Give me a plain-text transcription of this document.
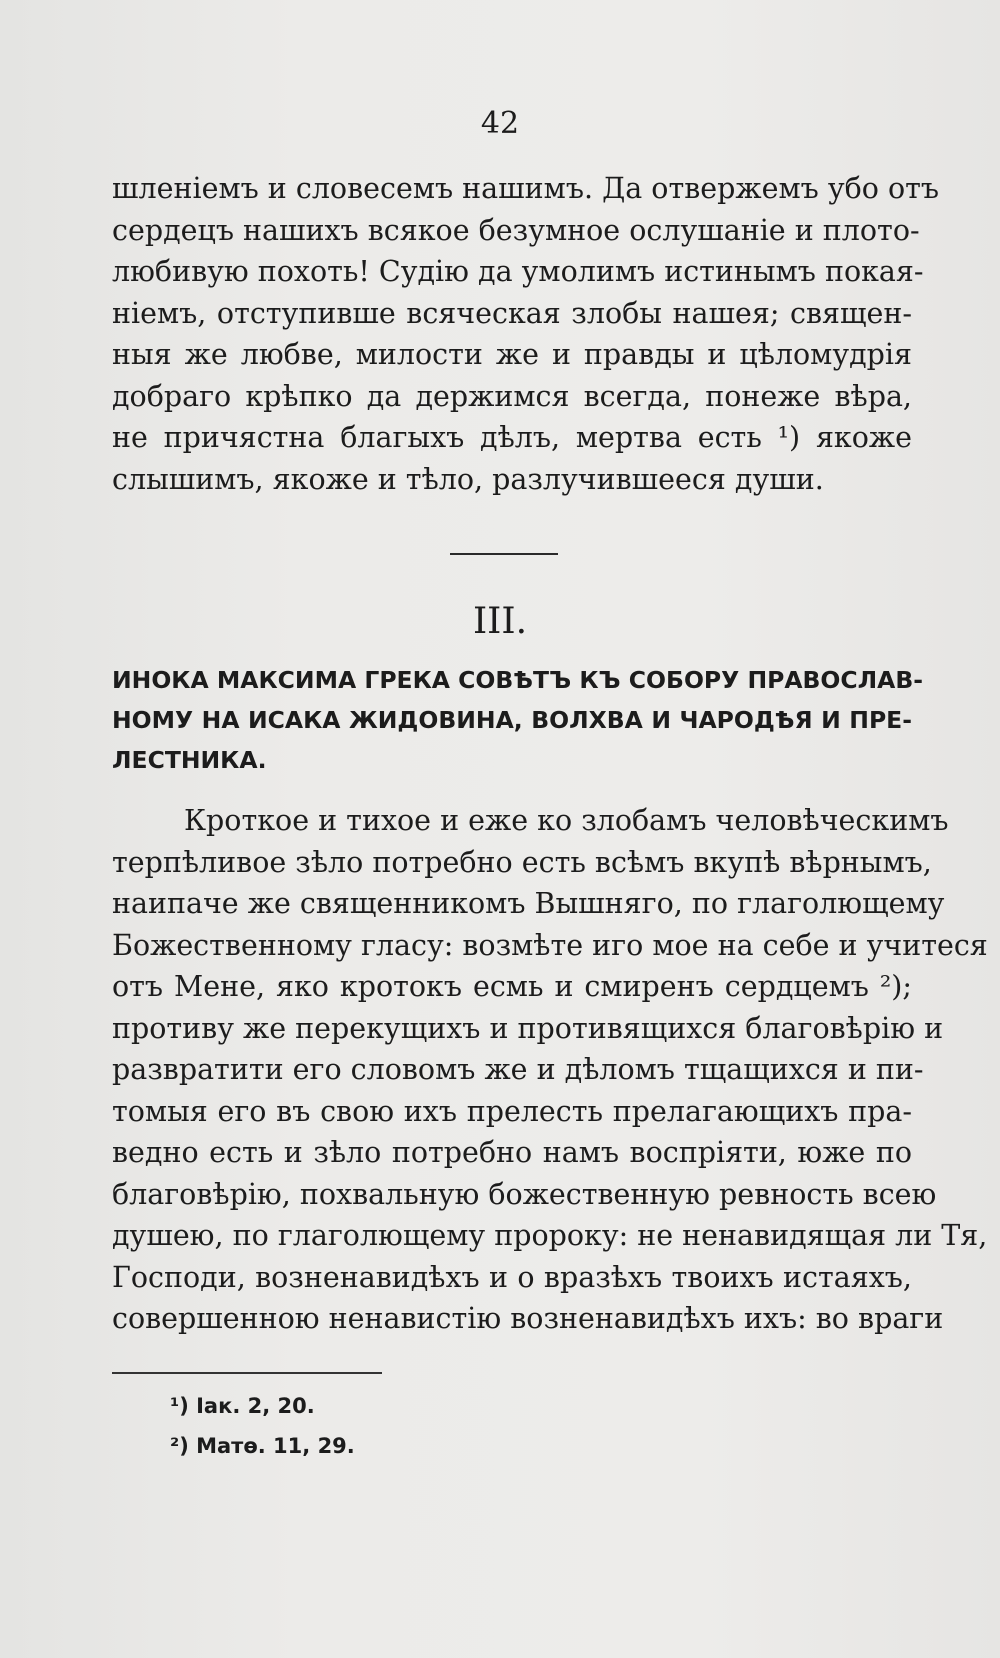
42
шленіемъ и словесемъ нашимъ. Да отвержемъ убо отъ
сердецъ нашихъ всякое безумное ослушаніе и плото-
любивую похоть! Судію да умолимъ истинымъ покая-
ніемъ, отступивше всяческая злобы нашея; священ-
ныя же любве, милости же и правды и цѣломудрія
добраго крѣпко да держимся всегда, понеже вѣра,
не причястна благыхъ дѣлъ, мертва есть ¹) якоже
слышимъ, якоже и тѣло, разлучившееся души.
III.
ИНОКА МАКСИМА ГРЕКА СОВѢТЪ КЪ СОБОРУ ПРАВОСЛАВ-
НОМУ НА ИСАКА ЖИДОВИНА, ВОЛХВА И ЧАРОДѢЯ И ПРЕ-
ЛЕСТНИКА.
Кроткое и тихое и еже ко злобамъ человѣческимъ
терпѣливое зѣло потребно есть всѣмъ вкупѣ вѣрнымъ,
наипаче же священникомъ Вышняго, по глаголющему
Божественному гласу: возмѣте иго мое на себе и учитеся
отъ Мене, яко кротокъ есмь и смиренъ сердцемъ ²);
противу же перекущихъ и противящихся благовѣрію и
развратити его словомъ же и дѣломъ тщащихся и пи-
томыя его въ свою ихъ прелесть прелагающихъ пра-
ведно есть и зѣло потребно намъ воспріяти, юже по
благовѣрію, похвальную божественную ревность всею
душею, по глаголющему пророку: не ненавидящая ли Тя,
Господи, возненавидѣхъ и о вразѣхъ твоихъ истаяхъ,
совершенною ненавистію возненавидѣхъ ихъ: во враги
¹) Іак. 2, 20.
²) Матѳ. 11, 29.
